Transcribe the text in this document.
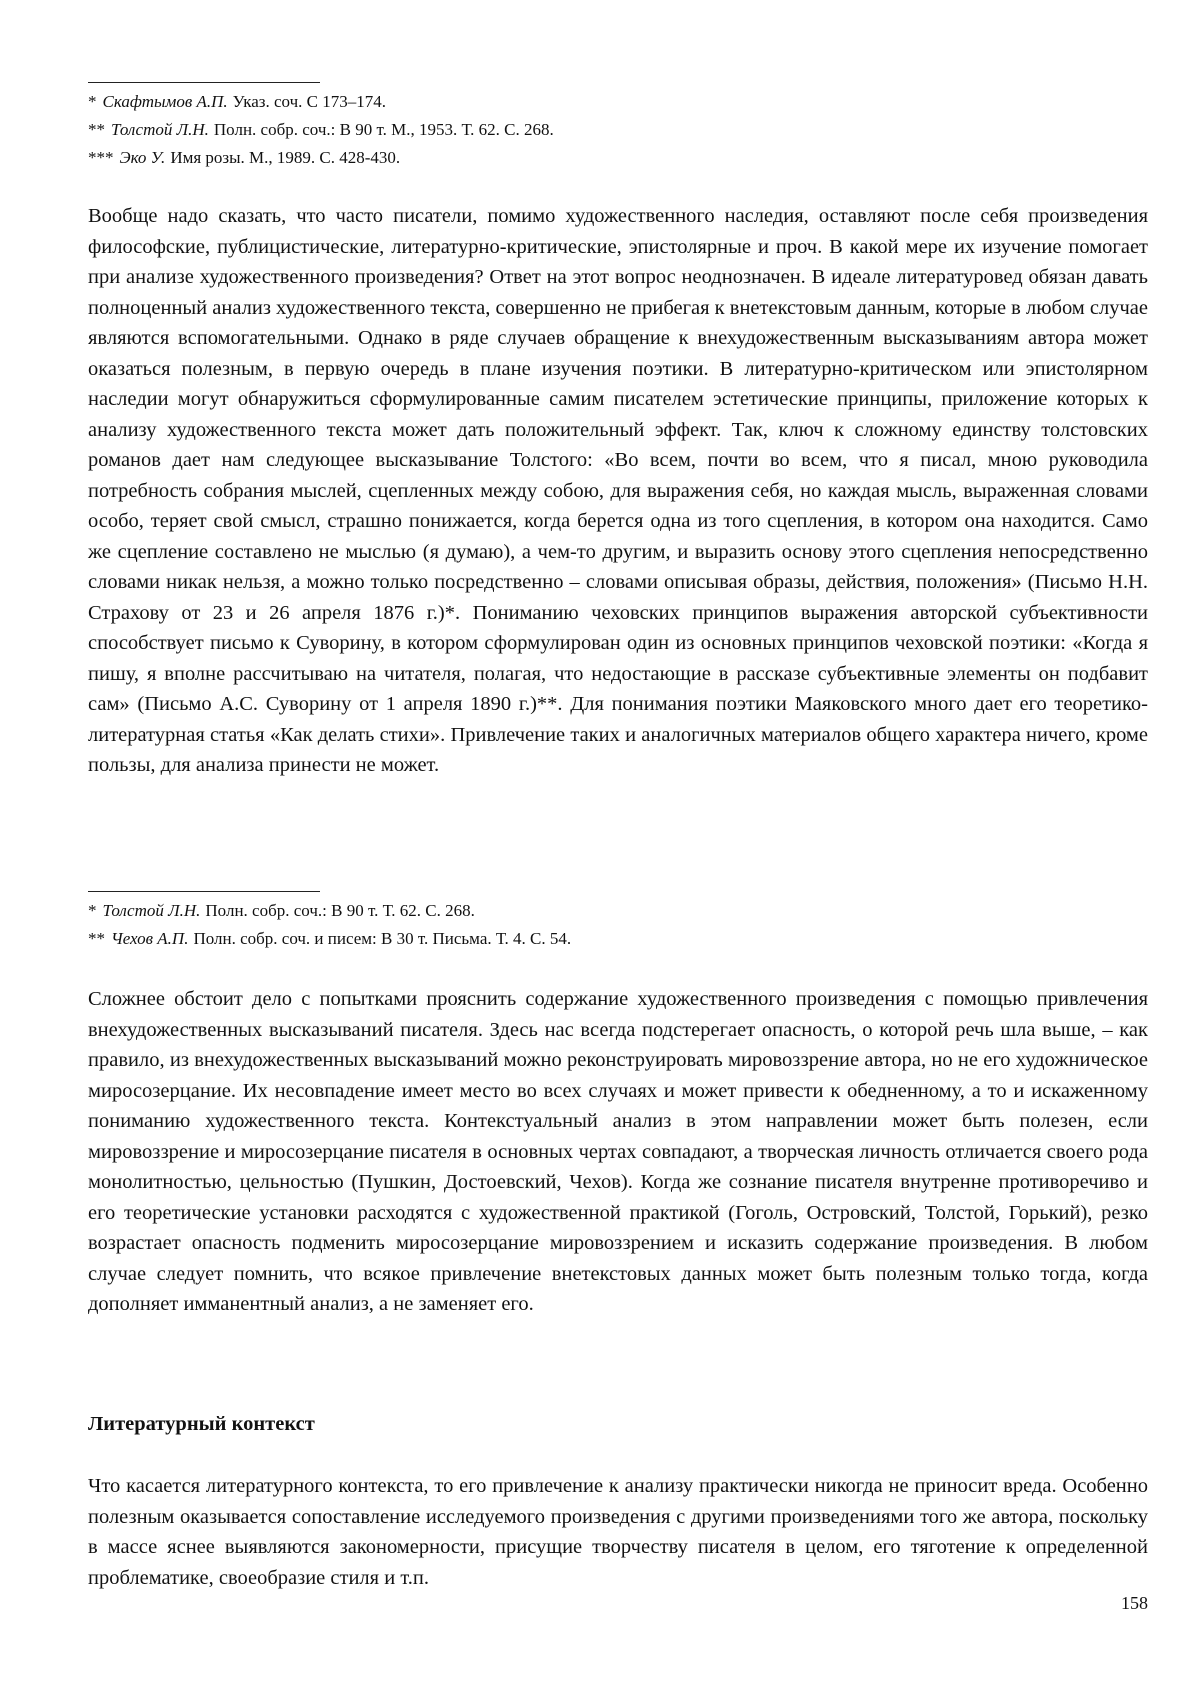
* Скафтымов А.П. Указ. соч. С 173–174.
** Толстой Л.Н. Полн. собр. соч.: В 90 т. М., 1953. Т. 62. С. 268.
*** Эко У. Имя розы. М., 1989. С. 428-430.

Вообще надо сказать, что часто писатели, помимо художественного наследия, оставляют после себя произведения философские, публицистические, литературно-критические, эпистолярные и проч. В какой мере их изучение помогает при анализе художественного произведения? Ответ на этот вопрос неоднозначен. В идеале литературовед обязан давать полноценный анализ художественного текста, совершенно не прибегая к внетекстовым данным, которые в любом случае являются вспомогательными. Однако в ряде случаев обращение к внехудожественным высказываниям автора может оказаться полезным, в первую очередь в плане изучения поэтики. В литературно-критическом или эпистолярном наследии могут обнаружиться сформулированные самим писателем эстетические принципы, приложение которых к анализу художественного текста может дать положительный эффект. Так, ключ к сложному единству толстовских романов дает нам следующее высказывание Толстого: «Во всем, почти во всем, что я писал, мною руководила потребность собрания мыслей, сцепленных между собою, для выражения себя, но каждая мысль, выраженная словами особо, теряет свой смысл, страшно понижается, когда берется одна из того сцепления, в котором она находится. Само же сцепление составлено не мыслью (я думаю), а чем-то другим, и выразить основу этого сцепления непосредственно словами никак нельзя, а можно только посредственно – словами описывая образы, действия, положения» (Письмо Н.Н. Страхову от 23 и 26 апреля 1876 г.)*. Пониманию чеховских принципов выражения авторской субъективности способствует письмо к Суворину, в котором сформулирован один из основных принципов чеховской поэтики: «Когда я пишу, я вполне рассчитываю на читателя, полагая, что недостающие в рассказе субъективные элементы он подбавит сам» (Письмо А.С. Суворину от 1 апреля 1890 г.)**. Для понимания поэтики Маяковского много дает его теоретико-литературная статья «Как делать стихи». Привлечение таких и аналогичных материалов общего характера ничего, кроме пользы, для анализа принести не может.

* Толстой Л.Н. Полн. собр. соч.: В 90 т. Т. 62. С. 268.
** Чехов А.П. Полн. собр. соч. и писем: В 30 т. Письма. Т. 4. С. 54.

Сложнее обстоит дело с попытками прояснить содержание художественного произведения с помощью привлечения внехудожественных высказываний писателя. Здесь нас всегда подстерегает опасность, о которой речь шла выше, – как правило, из внехудожественных высказываний можно реконструировать мировоззрение автора, но не его художническое миросозерцание. Их несовпадение имеет место во всех случаях и может привести к обедненному, а то и искаженному пониманию художественного текста. Контекстуальный анализ в этом направлении может быть полезен, если мировоззрение и миросозерцание писателя в основных чертах совпадают, а творческая личность отличается своего рода монолитностью, цельностью (Пушкин, Достоевский, Чехов). Когда же сознание писателя внутренне противоречиво и его теоретические установки расходятся с художественной практикой (Гоголь, Островский, Толстой, Горький), резко возрастает опасность подменить миросозерцание мировоззрением и исказить содержание произведения. В любом случае следует помнить, что всякое привлечение внетекстовых данных может быть полезным только тогда, когда дополняет имманентный анализ, а не заменяет его.

Литературный контекст

Что касается литературного контекста, то его привлечение к анализу практически никогда не приносит вреда. Особенно полезным оказывается сопоставление исследуемого произведения с другими произведениями того же автора, поскольку в массе яснее выявляются закономерности, присущие творчеству писателя в целом, его тяготение к определенной проблематике, своеобразие стиля и т.п.

158
